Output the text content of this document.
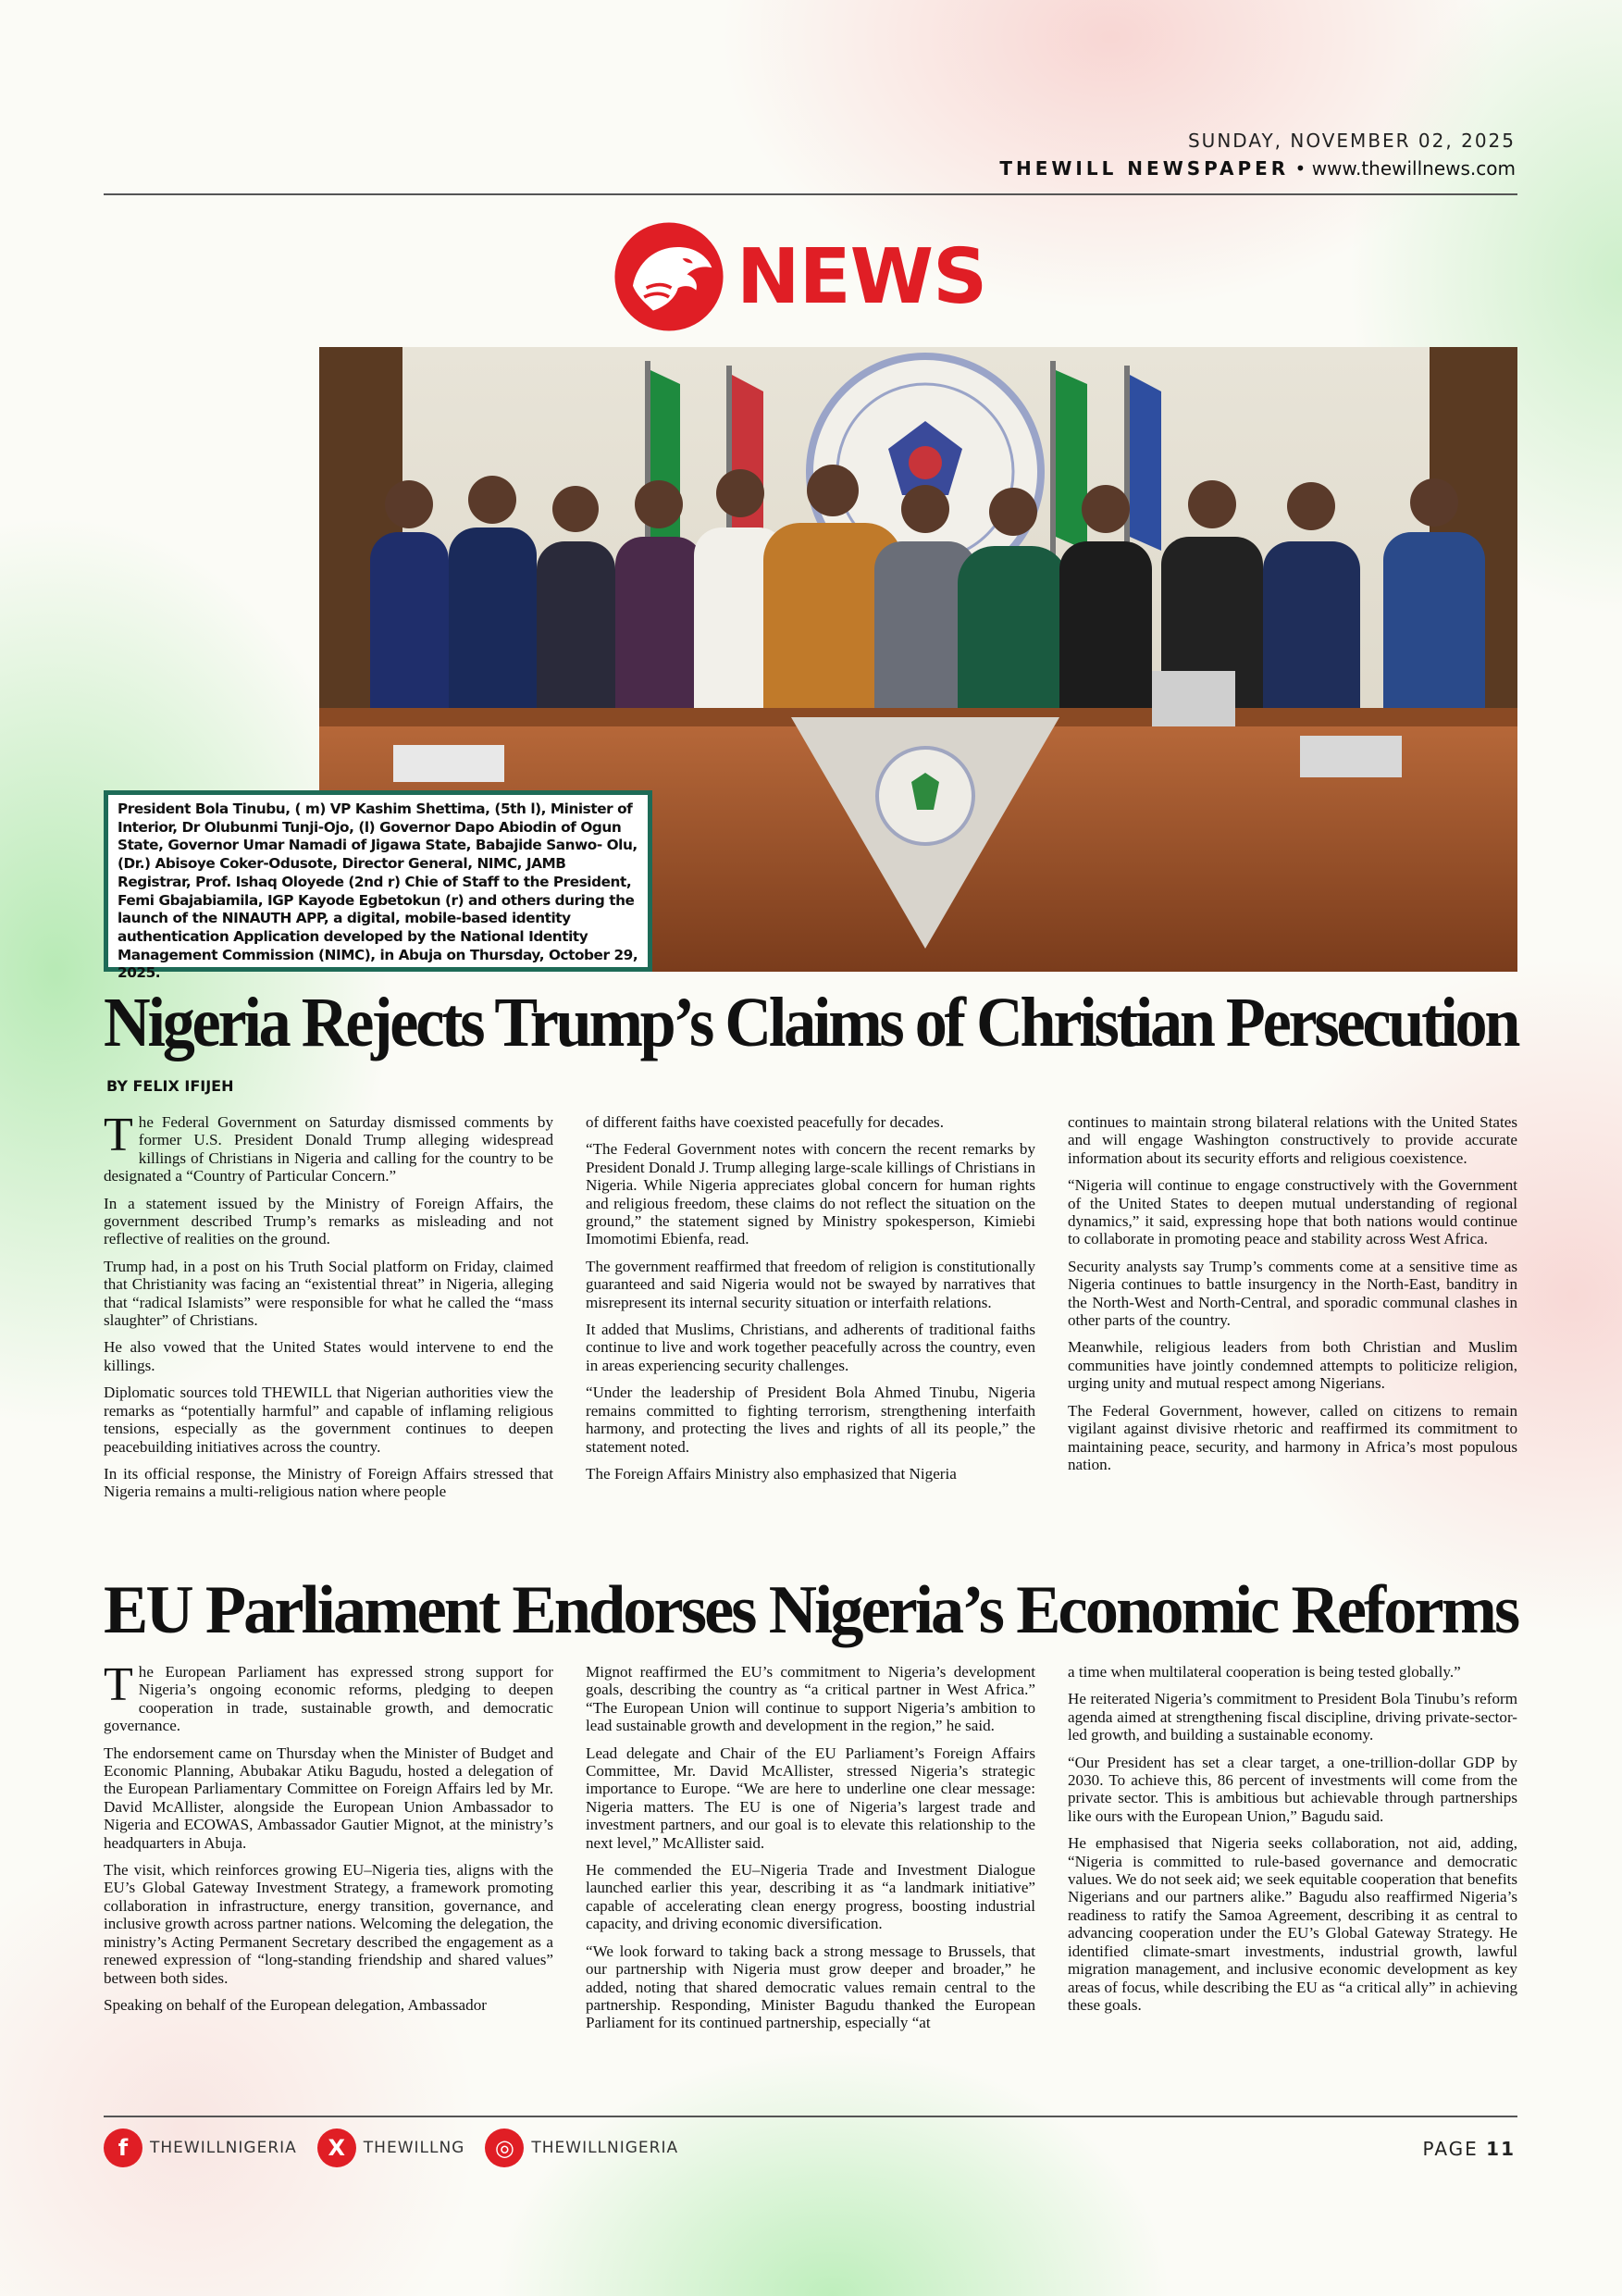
SUNDAY, NOVEMBER 02, 2025
THEWILL NEWSPAPER • www.thewillnews.com
NEWS
President Bola Tinubu, ( m) VP Kashim Shettima, (5th l), Minister of Interior, Dr Olubunmi Tunji-Ojo, (l) Governor Dapo Abiodin of Ogun State, Governor Umar Namadi of Jigawa State, Babajide Sanwo- Olu, (Dr.) Abisoye Coker-Odusote, Director General, NIMC, JAMB Registrar, Prof. Ishaq Oloyede (2nd r) Chie of Staff to the President, Femi Gbajabiamila, IGP Kayode Egbetokun (r) and others during the launch of the NINAUTH APP, a digital, mobile-based identity authentication Application developed by the National Identity Management Commission (NIMC), in Abuja on Thursday, October 29, 2025.
Nigeria Rejects Trump’s Claims of Christian Persecution
BY FELIX IFIJEH

The Federal Government on Saturday dismissed comments by former U.S. President Donald Trump alleging widespread killings of Christians in Nigeria and calling for the country to be designated a “Country of Particular Concern.”

In a statement issued by the Ministry of Foreign Affairs, the government described Trump’s remarks as misleading and not reflective of realities on the ground.

Trump had, in a post on his Truth Social platform on Friday, claimed that Christianity was facing an “existential threat” in Nigeria, alleging that “radical Islamists” were responsible for what he called the “mass slaughter” of Christians.

He also vowed that the United States would intervene to end the killings.

Diplomatic sources told THEWILL that Nigerian authorities view the remarks as “potentially harmful” and capable of inflaming religious tensions, especially as the government continues to deepen peacebuilding initiatives across the country.

In its official response, the Ministry of Foreign Affairs stressed that Nigeria remains a multi-religious nation where people

of different faiths have coexisted peacefully for decades.

“The Federal Government notes with concern the recent remarks by President Donald J. Trump alleging large-scale killings of Christians in Nigeria. While Nigeria appreciates global concern for human rights and religious freedom, these claims do not reflect the situation on the ground,” the statement signed by Ministry spokesperson, Kimiebi Imomotimi Ebienfa, read.

The government reaffirmed that freedom of religion is constitutionally guaranteed and said Nigeria would not be swayed by narratives that misrepresent its internal security situation or interfaith relations.

It added that Muslims, Christians, and adherents of traditional faiths continue to live and work together peacefully across the country, even in areas experiencing security challenges.

“Under the leadership of President Bola Ahmed Tinubu, Nigeria remains committed to fighting terrorism, strengthening interfaith harmony, and protecting the lives and rights of all its people,” the statement noted.

The Foreign Affairs Ministry also emphasized that Nigeria

continues to maintain strong bilateral relations with the United States and will engage Washington constructively to provide accurate information about its security efforts and religious coexistence.

“Nigeria will continue to engage constructively with the Government of the United States to deepen mutual understanding of regional dynamics,” it said, expressing hope that both nations would continue to collaborate in promoting peace and stability across West Africa.

Security analysts say Trump’s comments come at a sensitive time as Nigeria continues to battle insurgency in the North-East, banditry in the North-West and North-Central, and sporadic communal clashes in other parts of the country.

Meanwhile, religious leaders from both Christian and Muslim communities have jointly condemned attempts to politicize religion, urging unity and mutual respect among Nigerians.

The Federal Government, however, called on citizens to remain vigilant against divisive rhetoric and reaffirmed its commitment to maintaining peace, security, and harmony in Africa’s most populous nation.

EU Parliament Endorses Nigeria’s Economic Reforms

The European Parliament has expressed strong support for Nigeria’s ongoing economic reforms, pledging to deepen cooperation in trade, sustainable growth, and democratic governance.

The endorsement came on Thursday when the Minister of Budget and Economic Planning, Abubakar Atiku Bagudu, hosted a delegation of the European Parliamentary Committee on Foreign Affairs led by Mr. David McAllister, alongside the European Union Ambassador to Nigeria and ECOWAS, Ambassador Gautier Mignot, at the ministry’s headquarters in Abuja.

The visit, which reinforces growing EU–Nigeria ties, aligns with the EU’s Global Gateway Investment Strategy, a framework promoting collaboration in infrastructure, energy transition, governance, and inclusive growth across partner nations. Welcoming the delegation, the ministry’s Acting Permanent Secretary described the engagement as a renewed expression of “long-standing friendship and shared values” between both sides.

Speaking on behalf of the European delegation, Ambassador

Mignot reaffirmed the EU’s commitment to Nigeria’s development goals, describing the country as “a critical partner in West Africa.” “The European Union will continue to support Nigeria’s ambition to lead sustainable growth and development in the region,” he said.

Lead delegate and Chair of the EU Parliament’s Foreign Affairs Committee, Mr. David McAllister, stressed Nigeria’s strategic importance to Europe. “We are here to underline one clear message: Nigeria matters. The EU is one of Nigeria’s largest trade and investment partners, and our goal is to elevate this relationship to the next level,” McAllister said.

He commended the EU–Nigeria Trade and Investment Dialogue launched earlier this year, describing it as “a landmark initiative” capable of accelerating clean energy progress, boosting industrial capacity, and driving economic diversification.

“We look forward to taking back a strong message to Brussels, that our partnership with Nigeria must grow deeper and broader,” he added, noting that shared democratic values remain central to the partnership. Responding, Minister Bagudu thanked the European Parliament for its continued partnership, especially “at

a time when multilateral cooperation is being tested globally.”

He reiterated Nigeria’s commitment to President Bola Tinubu’s reform agenda aimed at strengthening fiscal discipline, driving private-sector-led growth, and building a sustainable economy.

“Our President has set a clear target, a one-trillion-dollar GDP by 2030. To achieve this, 86 percent of investments will come from the private sector. This is ambitious but achievable through partnerships like ours with the European Union,” Bagudu said.

He emphasised that Nigeria seeks collaboration, not aid, adding, “Nigeria is committed to rule-based governance and democratic values. We do not seek aid; we seek equitable cooperation that benefits Nigerians and our partners alike.” Bagudu also reaffirmed Nigeria’s readiness to ratify the Samoa Agreement, describing it as central to advancing cooperation under the EU’s Global Gateway Strategy. He identified climate-smart investments, industrial growth, lawful migration management, and inclusive economic development as key areas of focus, while describing the EU as “a critical ally” in achieving these goals.

f	THEWILLNIGERIA	X	THEWILLNG	◎	THEWILLNIGERIA	PAGE 11
